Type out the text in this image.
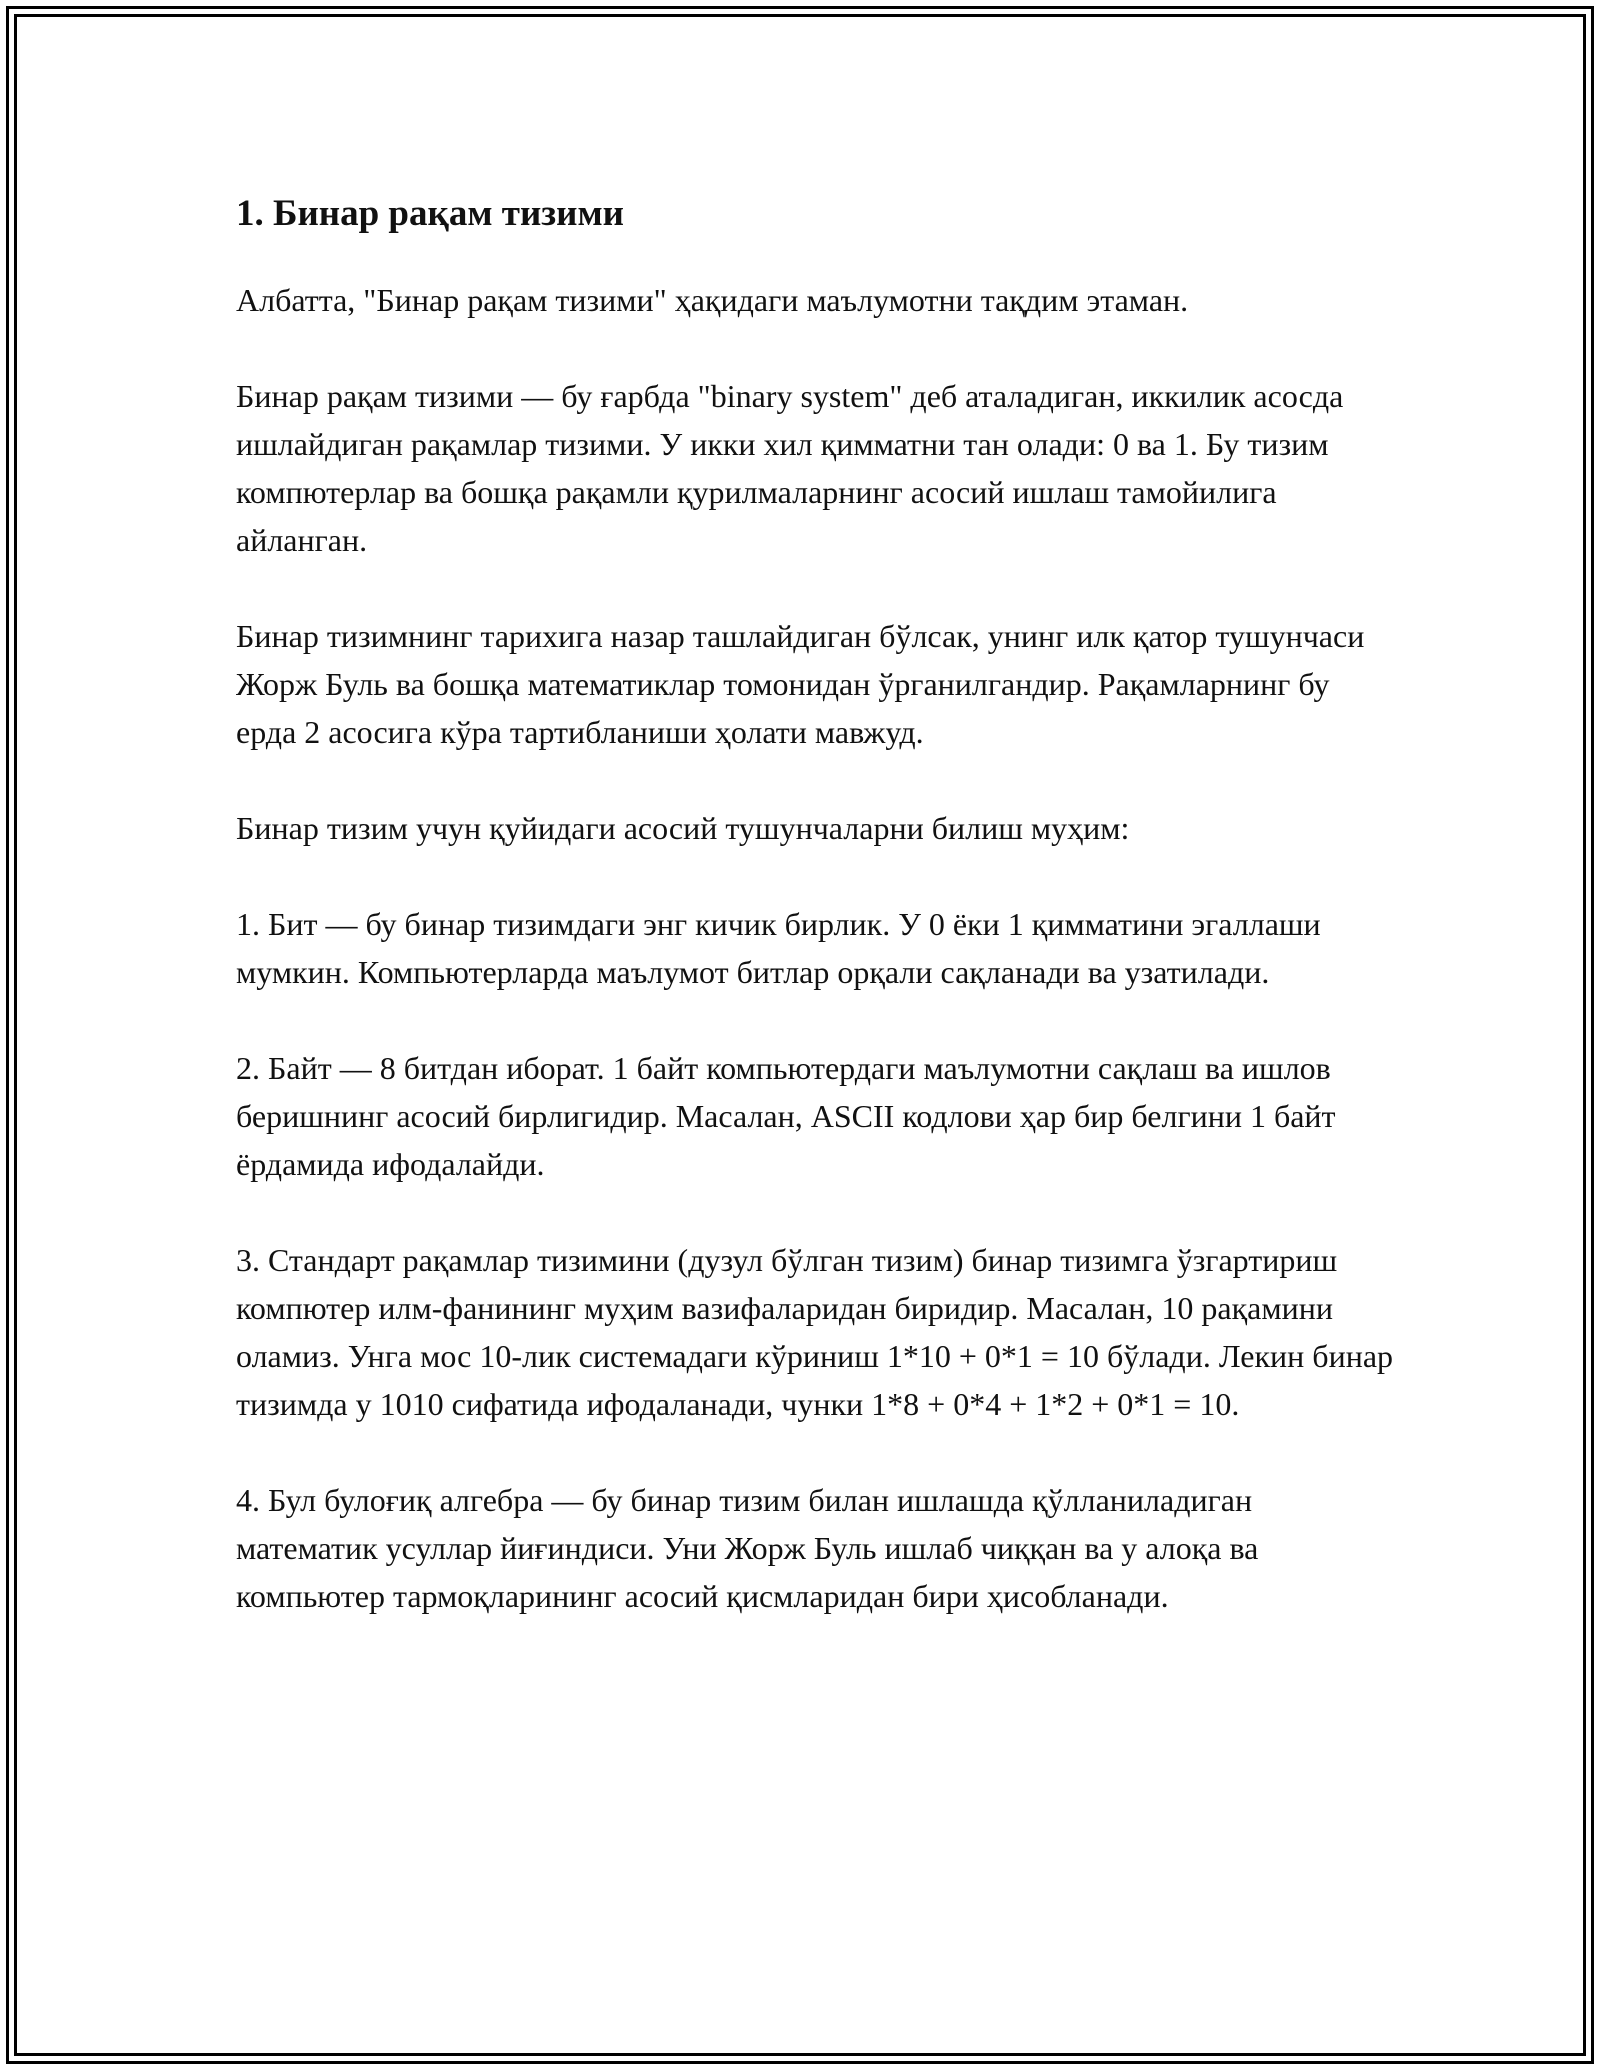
1. Бинар рақам тизими

Албатта, "Бинар рақам тизими" ҳақидаги маълумотни тақдим этаман.

Бинар рақам тизими — бу ғарбда "binary system" деб аталадиган, иккилик асосда ишлайдиган рақамлар тизими. У икки хил қимматни тан олади: 0 ва 1. Бу тизим компютерлар ва бошқа рақамли қурилмаларнинг асосий ишлаш тамойилига айланган.

Бинар тизимнинг тарихига назар ташлайдиган бўлсак, унинг илк қатор тушунчаси Жорж Буль ва бошқа математиклар томонидан ўрганилгандир. Рақамларнинг бу ерда 2 асосига кўра тартибланиши ҳолати мавжуд.

Бинар тизим учун қуйидаги асосий тушунчаларни билиш муҳим:

1. Бит — бу бинар тизимдаги энг кичик бирлик. У 0 ёки 1 қимматини эгаллаши мумкин. Компьютерларда маълумот битлар орқали сақланади ва узатилади.

2. Байт — 8 битдан иборат. 1 байт компьютердаги маълумотни сақлаш ва ишлов беришнинг асосий бирлигидир. Масалан, ASCII кодлови ҳар бир белгини 1 байт ёрдамида ифодалайди.

3. Стандарт рақамлар тизимини (дузул бўлган тизим) бинар тизимга ўзгартириш компютер илм-фанининг муҳим вазифаларидан биридир. Масалан, 10 рақамини оламиз. Унга мос 10-лик системадаги кўриниш 1*10 + 0*1 = 10 бўлади. Лекин бинар тизимда у 1010 сифатида ифодаланади, чунки 1*8 + 0*4 + 1*2 + 0*1 = 10.

4. Бул булоғиқ алгебра — бу бинар тизим билан ишлашда қўлланиладиган математик усуллар йиғиндиси. Уни Жорж Буль ишлаб чиққан ва у алоқа ва компьютер тармоқларининг асосий қисмларидан бири ҳисобланади.
